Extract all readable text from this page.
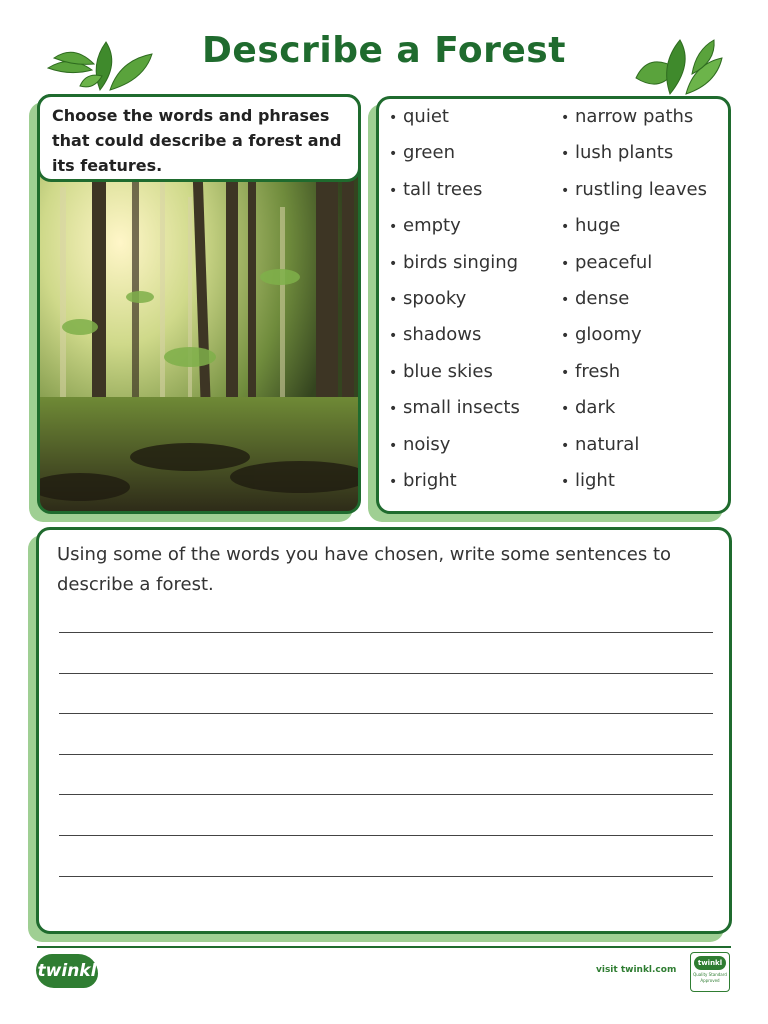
Describe a Forest
Choose the words and phrases that could describe a forest and its features.
• quiet
• green
• tall trees
• empty
• birds singing
• spooky
• shadows
• blue skies
• small insects
• noisy
• bright
• narrow paths
• lush plants
• rustling leaves
• huge
• peaceful
• dense
• gloomy
• fresh
• dark
• natural
• light
Using some of the words you have chosen, write some sentences to describe a forest.
twinkl	visit twinkl.com
twinkl
Quality Standard Approved
